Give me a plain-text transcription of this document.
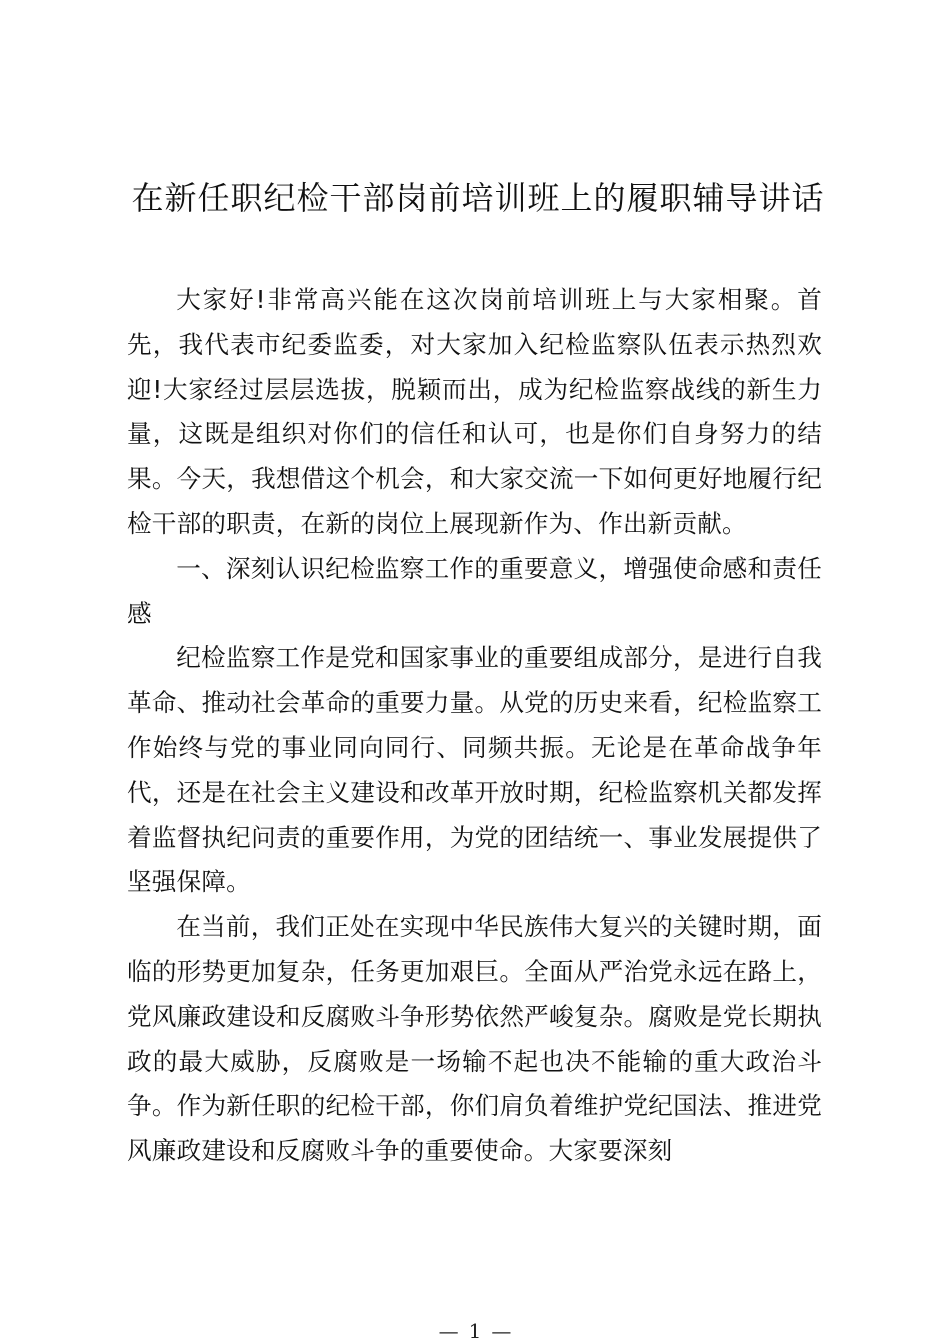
在新任职纪检干部岗前培训班上的履职辅导讲话

大家好!非常高兴能在这次岗前培训班上与大家相聚。首先，我代表市纪委监委，对大家加入纪检监察队伍表示热烈欢迎!大家经过层层选拔，脱颖而出，成为纪检监察战线的新生力量，这既是组织对你们的信任和认可，也是你们自身努力的结果。今天，我想借这个机会，和大家交流一下如何更好地履行纪检干部的职责，在新的岗位上展现新作为、作出新贡献。

一、深刻认识纪检监察工作的重要意义，增强使命感和责任感

纪检监察工作是党和国家事业的重要组成部分，是进行自我革命、推动社会革命的重要力量。从党的历史来看，纪检监察工作始终与党的事业同向同行、同频共振。无论是在革命战争年代，还是在社会主义建设和改革开放时期，纪检监察机关都发挥着监督执纪问责的重要作用，为党的团结统一、事业发展提供了坚强保障。

在当前，我们正处在实现中华民族伟大复兴的关键时期，面临的形势更加复杂，任务更加艰巨。全面从严治党永远在路上，党风廉政建设和反腐败斗争形势依然严峻复杂。腐败是党长期执政的最大威胁，反腐败是一场输不起也决不能输的重大政治斗争。作为新任职的纪检干部，你们肩负着维护党纪国法、推进党风廉政建设和反腐败斗争的重要使命。大家要深刻

— 1 —
